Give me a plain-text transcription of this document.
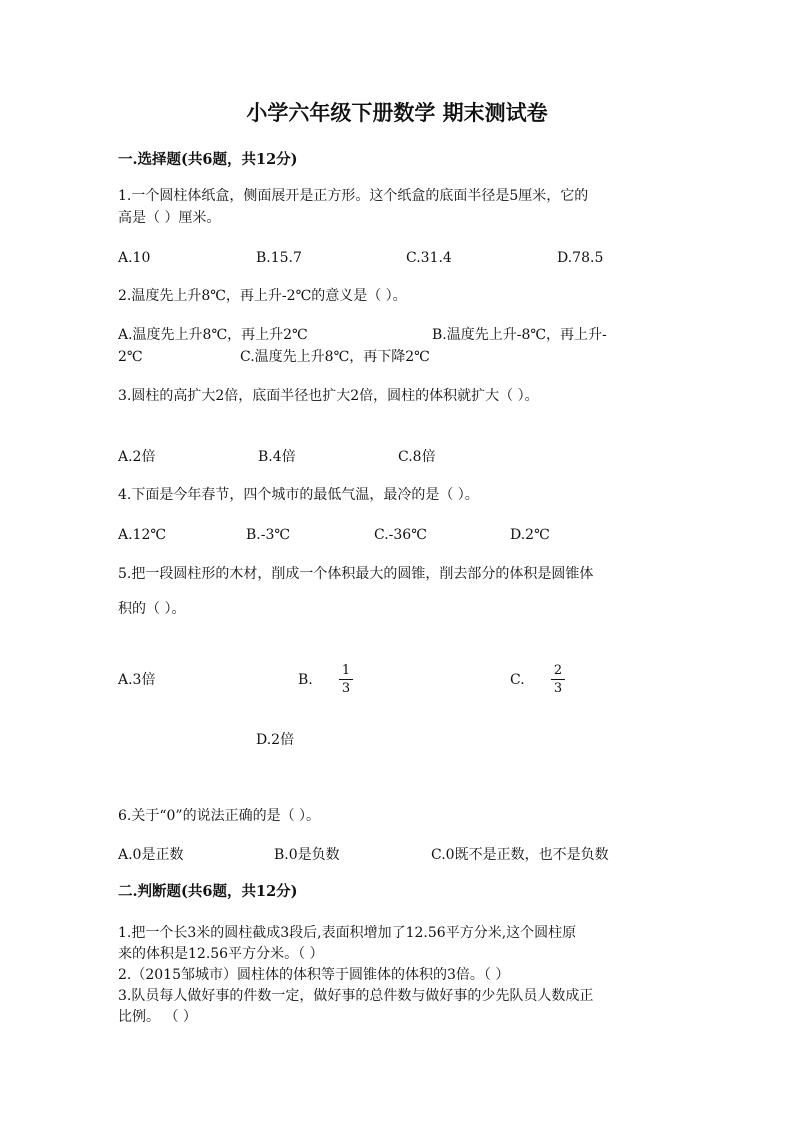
小学六年级下册数学 期末测试卷
一.选择题(共6题，共12分)
1.一个圆柱体纸盒，侧面展开是正方形。这个纸盒的底面半径是5厘米，它的
高是（ ）厘米。
A.10	B.15.7	C.31.4	D.78.5
2.温度先上升8℃，再上升-2℃的意义是（ ）。
A.温度先上升8℃，再上升2℃	B.温度先上升-8℃，再上升-
2℃	C.温度先上升8℃，再下降2℃
3.圆柱的高扩大2倍，底面半径也扩大2倍，圆柱的体积就扩大（ ）。
A.2倍	B.4倍	C.8倍
4.下面是今年春节，四个城市的最低气温，最冷的是（ ）。
A.12℃	B.-3℃	C.-36℃	D.2℃
5.把一段圆柱形的木材，削成一个体积最大的圆锥，削去部分的体积是圆锥体
积的（ ）。
A.3倍	B.
1
3
C.
2
3
D.2倍
6.关于“0”的说法正确的是（ ）。
A.0是正数	B.0是负数	C.0既不是正数，也不是负数
二.判断题(共6题，共12分)
1.把一个长3米的圆柱截成3段后,表面积增加了12.56平方分米,这个圆柱原
来的体积是12.56平方分米。（ ）
2.（2015邹城市）圆柱体的体积等于圆锥体的体积的3倍。（ ）
3.队员每人做好事的件数一定，做好事的总件数与做好事的少先队员人数成正
比例。 （ ）
